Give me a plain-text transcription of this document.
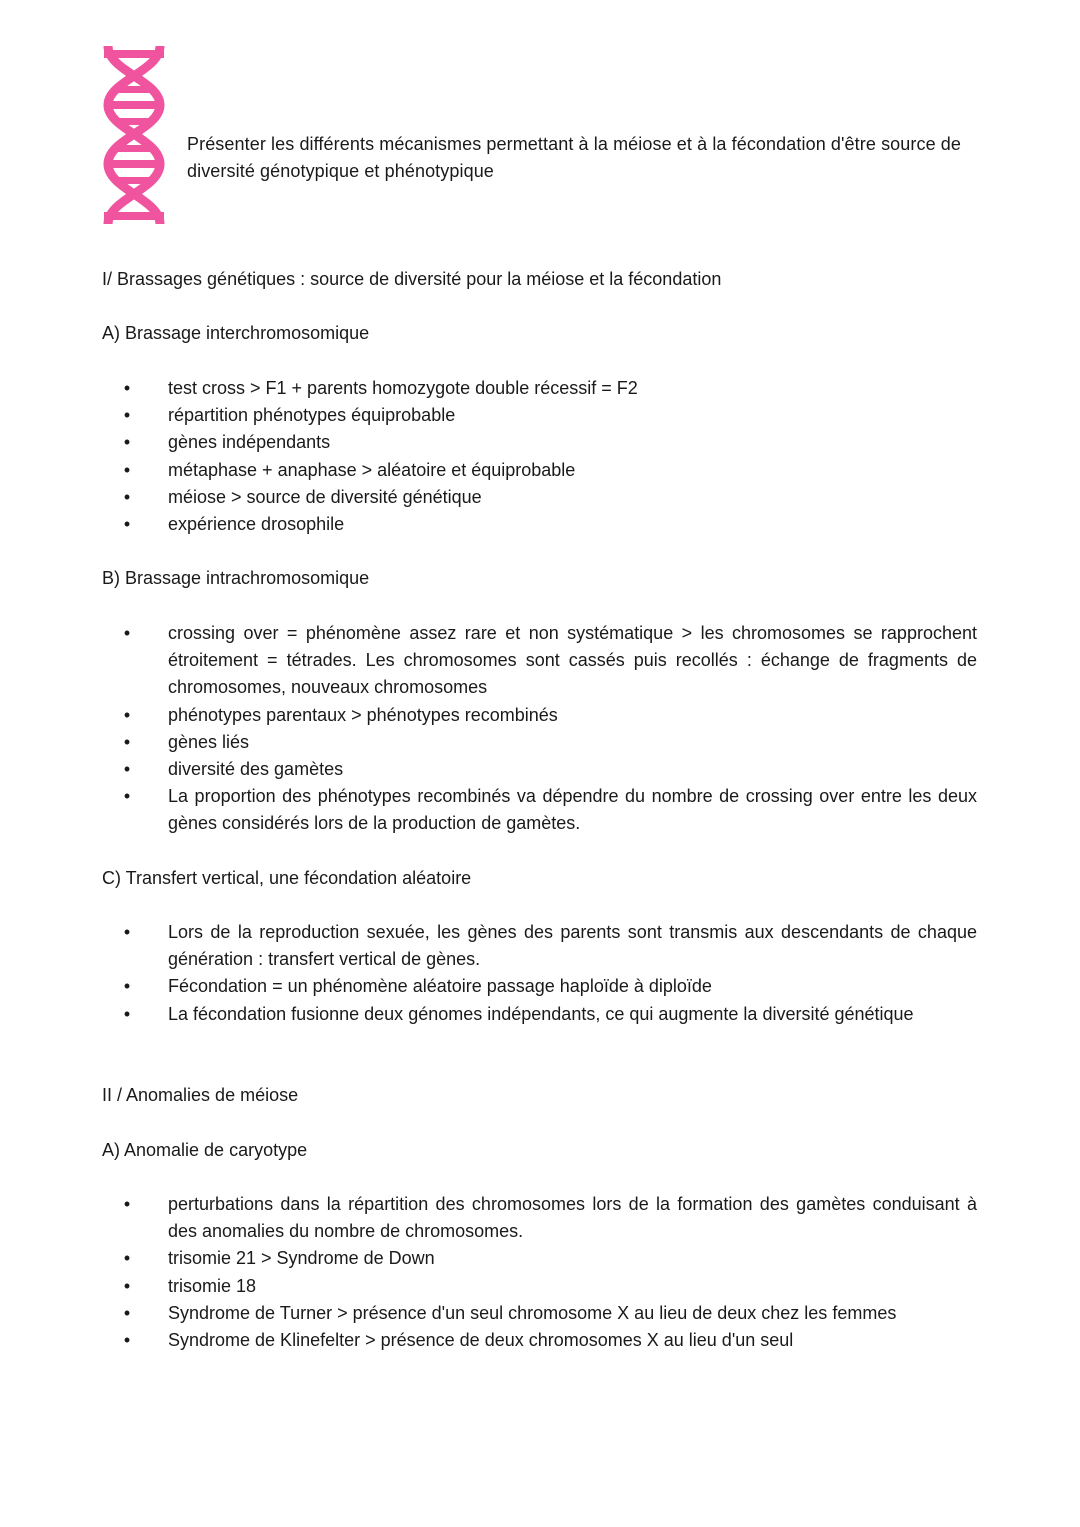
Présenter les différents mécanismes permettant à la méiose et à la fécondation d'être source de diversité génotypique et phénotypique
I/ Brassages génétiques : source de diversité pour la méiose et la fécondation
A) Brassage interchromosomique
• test cross > F1 + parents homozygote double récessif = F2
• répartition phénotypes équiprobable
• gènes indépendants
• métaphase + anaphase > aléatoire et équiprobable
• méiose > source de diversité génétique
• expérience drosophile
B) Brassage intrachromosomique
• crossing over = phénomène assez rare et non systématique > les chromosomes se rapprochent étroitement = tétrades. Les chromosomes sont cassés puis recollés : échange de fragments de chromosomes, nouveaux chromosomes
• phénotypes parentaux > phénotypes recombinés
• gènes liés
• diversité des gamètes
• La proportion des phénotypes recombinés va dépendre du nombre de crossing over entre les deux gènes considérés lors de la production de gamètes.
C) Transfert vertical, une fécondation aléatoire
• Lors de la reproduction sexuée, les gènes des parents sont transmis aux descendants de chaque génération : transfert vertical de gènes.
• Fécondation = un phénomène aléatoire passage haploïde à diploïde
• La fécondation fusionne deux génomes indépendants, ce qui augmente la diversité génétique
II / Anomalies de méiose
A) Anomalie de caryotype
• perturbations dans la répartition des chromosomes lors de la formation des gamètes conduisant à des anomalies du nombre de chromosomes.
• trisomie 21 > Syndrome de Down
• trisomie 18
• Syndrome de Turner > présence d'un seul chromosome X au lieu de deux chez les femmes
• Syndrome de Klinefelter > présence de deux chromosomes X au lieu d'un seul
